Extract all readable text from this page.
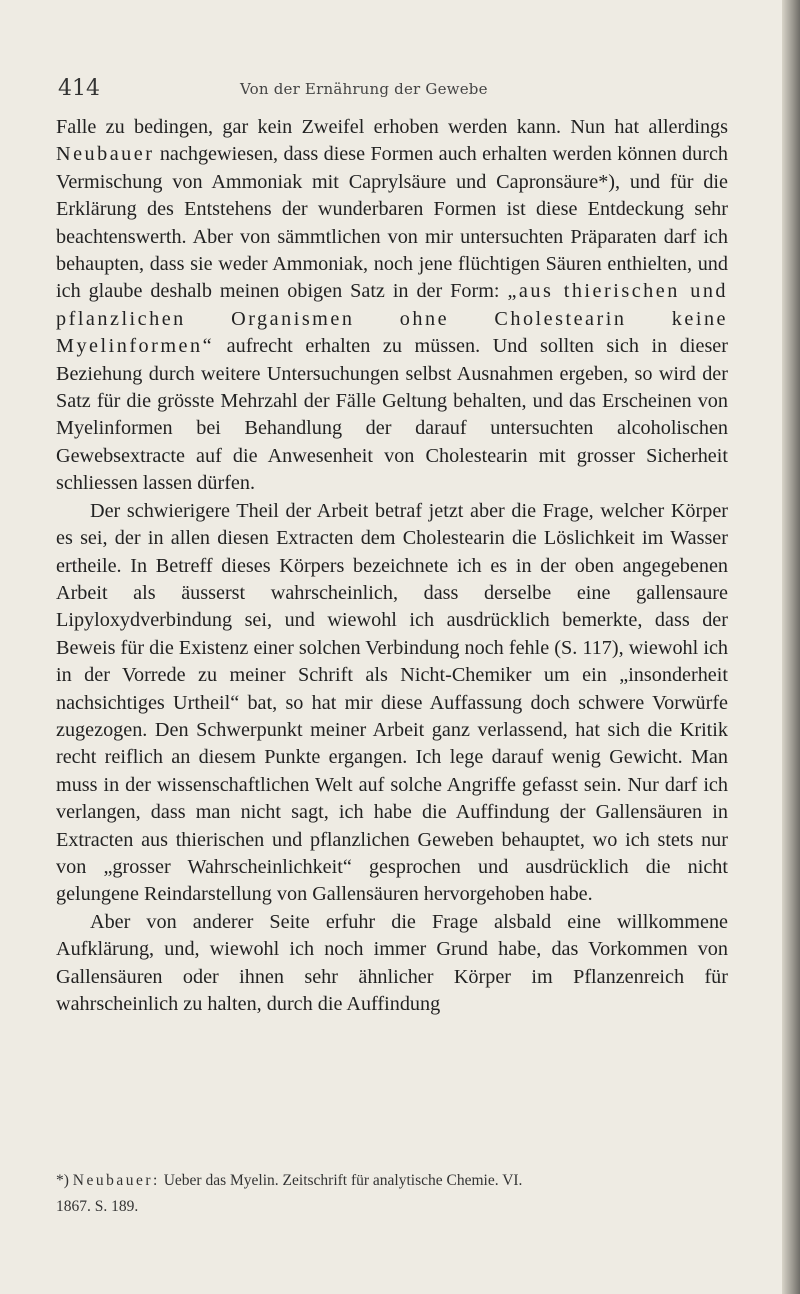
414	Von der Ernährung der Gewebe

Falle zu bedingen, gar kein Zweifel erhoben werden kann. Nun hat allerdings Neubauer nachgewiesen, dass diese Formen auch erhalten werden können durch Vermischung von Ammoniak mit Caprylsäure und Capronsäure*), und für die Erklärung des Entstehens der wunderbaren Formen ist diese Entdeckung sehr beachtenswerth. Aber von sämmtlichen von mir untersuchten Präparaten darf ich behaupten, dass sie weder Ammoniak, noch jene flüchtigen Säuren enthielten, und ich glaube deshalb meinen obigen Satz in der Form: „aus thierischen und pflanzlichen Organismen ohne Cholestearin keine Myelinformen“ aufrecht erhalten zu müssen. Und sollten sich in dieser Beziehung durch weitere Untersuchungen selbst Ausnahmen ergeben, so wird der Satz für die grösste Mehrzahl der Fälle Geltung behalten, und das Erscheinen von Myelinformen bei Behandlung der darauf untersuchten alcoholischen Gewebsextracte auf die Anwesenheit von Cholestearin mit grosser Sicherheit schliessen lassen dürfen.

Der schwierigere Theil der Arbeit betraf jetzt aber die Frage, welcher Körper es sei, der in allen diesen Extracten dem Cholestearin die Löslichkeit im Wasser ertheile. In Betreff dieses Körpers bezeichnete ich es in der oben angegebenen Arbeit als äusserst wahrscheinlich, dass derselbe eine gallensaure Lipyloxydverbindung sei, und wiewohl ich ausdrücklich bemerkte, dass der Beweis für die Existenz einer solchen Verbindung noch fehle (S. 117), wiewohl ich in der Vorrede zu meiner Schrift als Nicht-Chemiker um ein „insonderheit nachsichtiges Urtheil“ bat, so hat mir diese Auffassung doch schwere Vorwürfe zugezogen. Den Schwerpunkt meiner Arbeit ganz verlassend, hat sich die Kritik recht reiflich an diesem Punkte ergangen. Ich lege darauf wenig Gewicht. Man muss in der wissenschaftlichen Welt auf solche Angriffe gefasst sein. Nur darf ich verlangen, dass man nicht sagt, ich habe die Auffindung der Gallensäuren in Extracten aus thierischen und pflanzlichen Geweben behauptet, wo ich stets nur von „grosser Wahrscheinlichkeit“ gesprochen und ausdrücklich die nicht gelungene Reindarstellung von Gallensäuren hervorgehoben habe.

Aber von anderer Seite erfuhr die Frage alsbald eine willkommene Aufklärung, und, wiewohl ich noch immer Grund habe, das Vorkommen von Gallensäuren oder ihnen sehr ähnlicher Körper im Pflanzenreich für wahrscheinlich zu halten, durch die Auffindung

*) Neubauer: Ueber das Myelin. Zeitschrift für analytische Chemie. VI.
1867. S. 189.
